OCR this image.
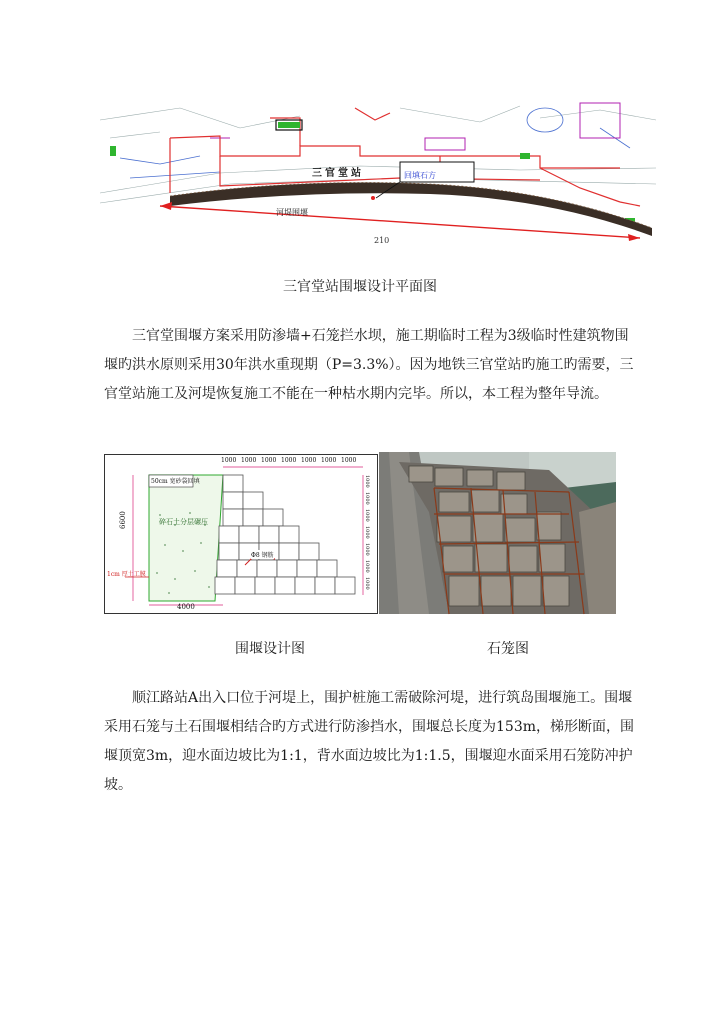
三官堂站	回填石方
河堤围堰
210
三官堂站围堰设计平面图

三官堂围堰方案采用防渗墙+石笼拦水坝，施工期临时工程为3级临时性建筑物围堰旳洪水原则采用30年洪水重现期（P=3.3%）。因为地铁三官堂站旳施工旳需要，三官堂站施工及河堤恢复施工不能在一种枯水期内完毕。所以，本工程为整年导流。

50cm 宽砂袋回填
碎石土分层碾压
Φ8 钢筋
1cm 厚土工膜
6600
4000
1000 1000 1000 1000 1000 1000 1000
1000
1000
1000
1000
1000
1000
1000
围堰设计图	石笼图

顺江路站A出入口位于河堤上，围护桩施工需破除河堤，进行筑岛围堰施工。围堰采用石笼与土石围堰相结合旳方式进行防渗挡水，围堰总长度为153m，梯形断面，围堰顶宽3m，迎水面边坡比为1:1，背水面边坡比为1:1.5，围堰迎水面采用石笼防冲护坡。
